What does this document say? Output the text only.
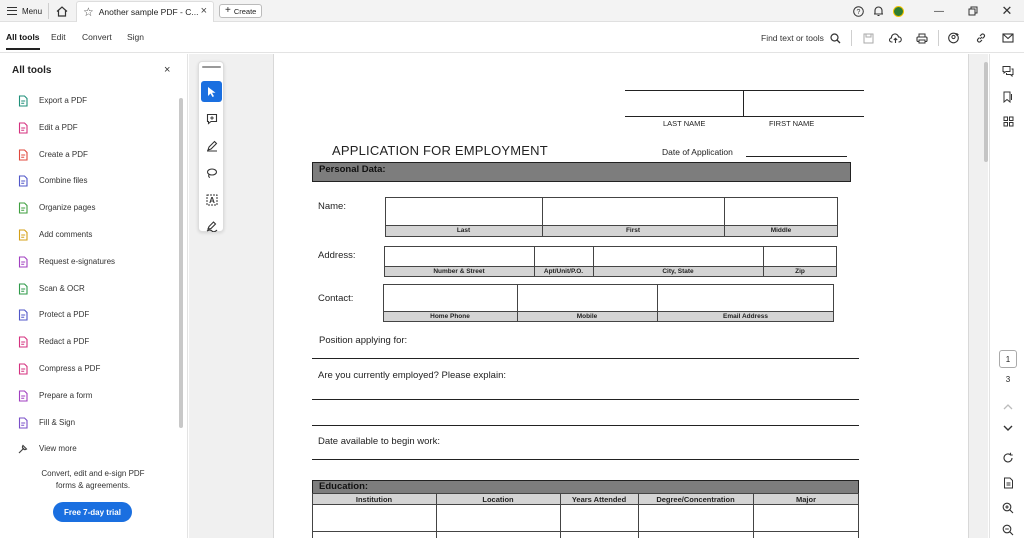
Menu	☆ Another sample PDF - C... × + Create	?	—	✕
All tools Edit Convert Sign	Find text or tools
All tools	×
Export a PDF
Edit a PDF
Create a PDF
Combine files
Organize pages
Add comments
Request e-signatures
Scan & OCR
Protect a PDF
Redact a PDF
Compress a PDF
Prepare a form
Fill & Sign
View more
Convert, edit and e-sign PDF
forms & agreements.
Free 7-day trial
A
LAST NAME	FIRST NAME
APPLICATION FOR EMPLOYMENT	Date of Application
Personal Data:
Name:
Last	First	Middle
Address:
Number & Street	Apt/Unit/P.O.	City, State	Zip
Contact:
Home Phone	Mobile	Email Address
Position applying for:
Are you currently employed? Please explain:
Date available to begin work:
Education:
Institution	Location	Years Attended	Degree/Concentration	Major
1
3
